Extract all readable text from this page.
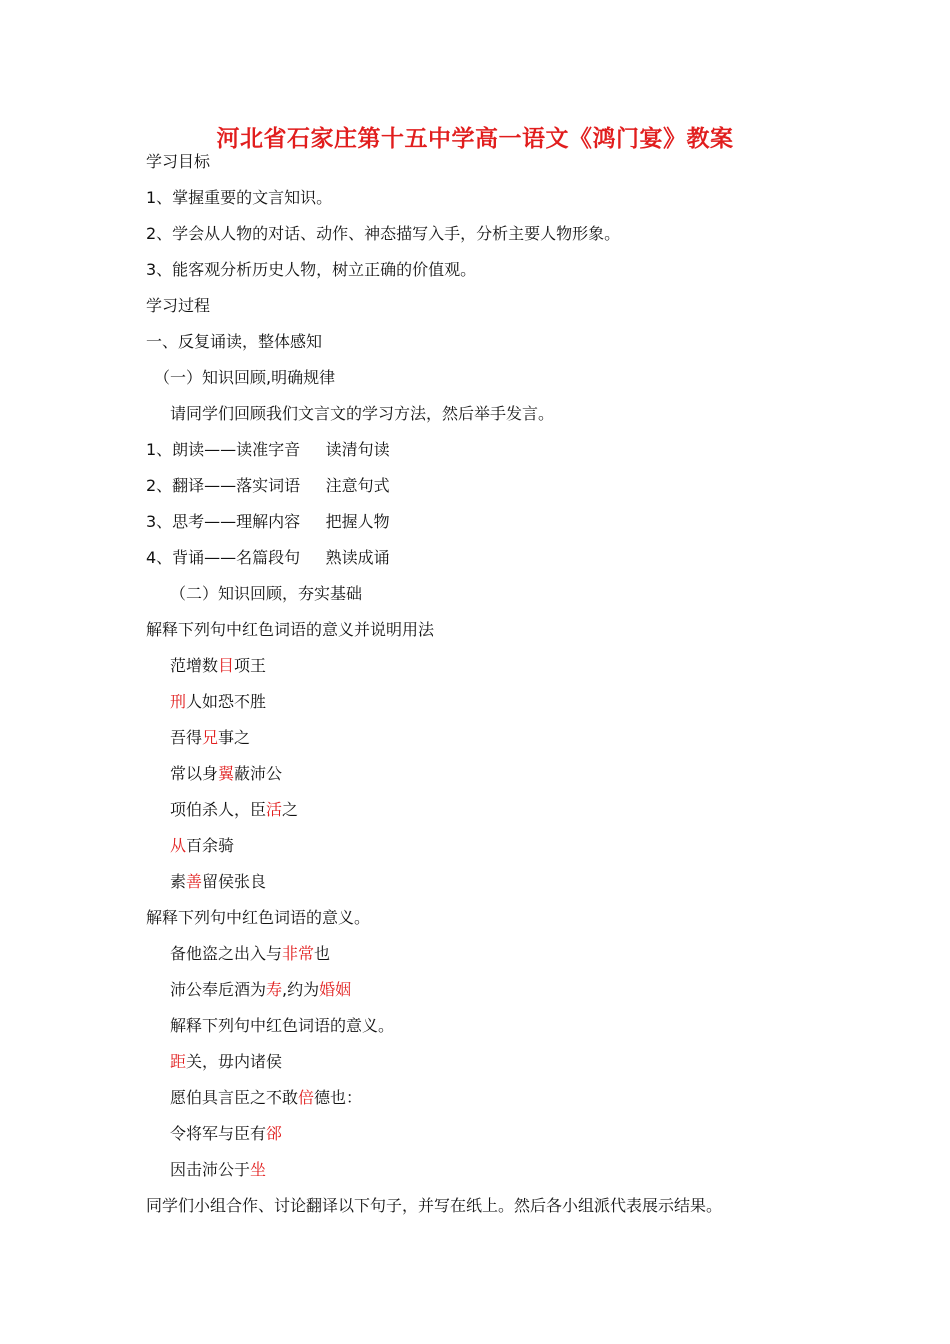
河北省石家庄第十五中学高一语文《鸿门宴》教案
学习目标
1、掌握重要的文言知识。
2、学会从人物的对话、动作、神态描写入手，分析主要人物形象。
3、能客观分析历史人物，树立正确的价值观。
学习过程
一、反复诵读，整体感知
（一）知识回顾,明确规律
请同学们回顾我们文言文的学习方法，然后举手发言。
1、朗读——读准字音     读清句读
2、翻译——落实词语     注意句式
3、思考——理解内容     把握人物
4、背诵——名篇段句     熟读成诵
（二）知识回顾，夯实基础
解释下列句中红色词语的意义并说明用法
范增数目项王
刑人如恐不胜
吾得兄事之
常以身翼蔽沛公
项伯杀人，臣活之
从百余骑
素善留侯张良
解释下列句中红色词语的意义。
备他盗之出入与非常也
沛公奉卮酒为寿,约为婚姻
解释下列句中红色词语的意义。
距关，毋内诸侯
愿伯具言臣之不敢倍德也：
令将军与臣有郤
因击沛公于坐
同学们小组合作、讨论翻译以下句子，并写在纸上。然后各小组派代表展示结果。
